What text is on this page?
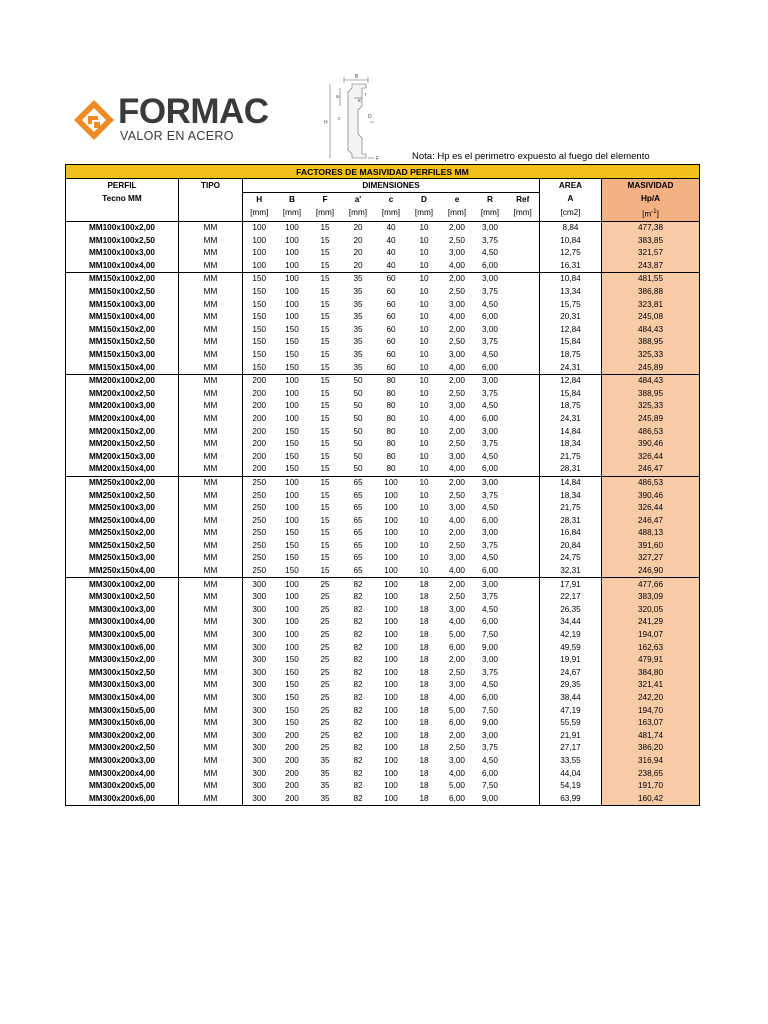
FORMAC
VALOR EN ACERO
B
a	r
e
c
H
D
F	Nota: Hp es el perimetro expuesto al fuego del elemento
FACTORES DE MASIVIDAD PERFILES MM												
PERFIL	TIPO	DIMENSIONES									AREA	MASIVIDAD
Tecno MM		H	B	F	a'	c	D	e	R	Ref	A	Hp/A
		[mm]	[mm]	[mm]	[mm]	[mm]	[mm]	[mm]	[mm]	[mm]	[cm2]	$[m^{-1}]$
MM100x100x2,00	MM	100	100	15	20	40	10	2,00	3,00		8,84	477,38
MM100x100x2,50	MM	100	100	15	20	40	10	2,50	3,75		10,84	383,85
MM100x100x3,00	MM	100	100	15	20	40	10	3,00	4,50		12,75	321,57
MM100x100x4,00	MM	100	100	15	20	40	10	4,00	6,00		16,31	243,87
MM150x100x2,00	MM	150	100	15	35	60	10	2,00	3,00		10,84	481,55
MM150x100x2,50	MM	150	100	15	35	60	10	2,50	3,75		13,34	386,88
MM150x100x3,00	MM	150	100	15	35	60	10	3,00	4,50		15,75	323,81
MM150x100x4,00	MM	150	100	15	35	60	10	4,00	6,00		20,31	245,08
MM150x150x2,00	MM	150	150	15	35	60	10	2,00	3,00		12,84	484,43
MM150x150x2,50	MM	150	150	15	35	60	10	2,50	3,75		15,84	388,95
MM150x150x3,00	MM	150	150	15	35	60	10	3,00	4,50		18,75	325,33
MM150x150x4,00	MM	150	150	15	35	60	10	4,00	6,00		24,31	245,89
MM200x100x2,00	MM	200	100	15	50	80	10	2,00	3,00		12,84	484,43
MM200x100x2,50	MM	200	100	15	50	80	10	2,50	3,75		15,84	388,95
MM200x100x3,00	MM	200	100	15	50	80	10	3,00	4,50		18,75	325,33
MM200x100x4,00	MM	200	100	15	50	80	10	4,00	6,00		24,31	245,89
MM200x150x2,00	MM	200	150	15	50	80	10	2,00	3,00		14,84	486,53
MM200x150x2,50	MM	200	150	15	50	80	10	2,50	3,75		18,34	390,46
MM200x150x3,00	MM	200	150	15	50	80	10	3,00	4,50		21,75	326,44
MM200x150x4,00	MM	200	150	15	50	80	10	4,00	6,00		28,31	246,47
MM250x100x2,00	MM	250	100	15	65	100	10	2,00	3,00		14,84	486,53
MM250x100x2,50	MM	250	100	15	65	100	10	2,50	3,75		18,34	390,46
MM250x100x3,00	MM	250	100	15	65	100	10	3,00	4,50		21,75	326,44
MM250x100x4,00	MM	250	100	15	65	100	10	4,00	6,00		28,31	246,47
MM250x150x2,00	MM	250	150	15	65	100	10	2,00	3,00		16,84	488,13
MM250x150x2,50	MM	250	150	15	65	100	10	2,50	3,75		20,84	391,60
MM250x150x3,00	MM	250	150	15	65	100	10	3,00	4,50		24,75	327,27
MM250x150x4,00	MM	250	150	15	65	100	10	4,00	6,00		32,31	246,90
MM300x100x2,00	MM	300	100	25	82	100	18	2,00	3,00		17,91	477,66
MM300x100x2,50	MM	300	100	25	82	100	18	2,50	3,75		22,17	383,09
MM300x100x3,00	MM	300	100	25	82	100	18	3,00	4,50		26,35	320,05
MM300x100x4,00	MM	300	100	25	82	100	18	4,00	6,00		34,44	241,29
MM300x100x5,00	MM	300	100	25	82	100	18	5,00	7,50		42,19	194,07
MM300x100x6,00	MM	300	100	25	82	100	18	6,00	9,00		49,59	162,63
MM300x150x2,00	MM	300	150	25	82	100	18	2,00	3,00		19,91	479,91
MM300x150x2,50	MM	300	150	25	82	100	18	2,50	3,75		24,67	384,80
MM300x150x3,00	MM	300	150	25	82	100	18	3,00	4,50		29,35	321,41
MM300x150x4,00	MM	300	150	25	82	100	18	4,00	6,00		38,44	242,20
MM300x150x5,00	MM	300	150	25	82	100	18	5,00	7,50		47,19	194,70
MM300x150x6,00	MM	300	150	25	82	100	18	6,00	9,00		55,59	163,07
MM300x200x2,00	MM	300	200	25	82	100	18	2,00	3,00		21,91	481,74
MM300x200x2,50	MM	300	200	25	82	100	18	2,50	3,75		27,17	386,20
MM300x200x3,00	MM	300	200	35	82	100	18	3,00	4,50		33,55	316,94
MM300x200x4,00	MM	300	200	35	82	100	18	4,00	6,00		44,04	238,65
MM300x200x5,00	MM	300	200	35	82	100	18	5,00	7,50		54,19	191,70
MM300x200x6,00	MM	300	200	35	82	100	18	6,00	9,00		63,99	160,42
